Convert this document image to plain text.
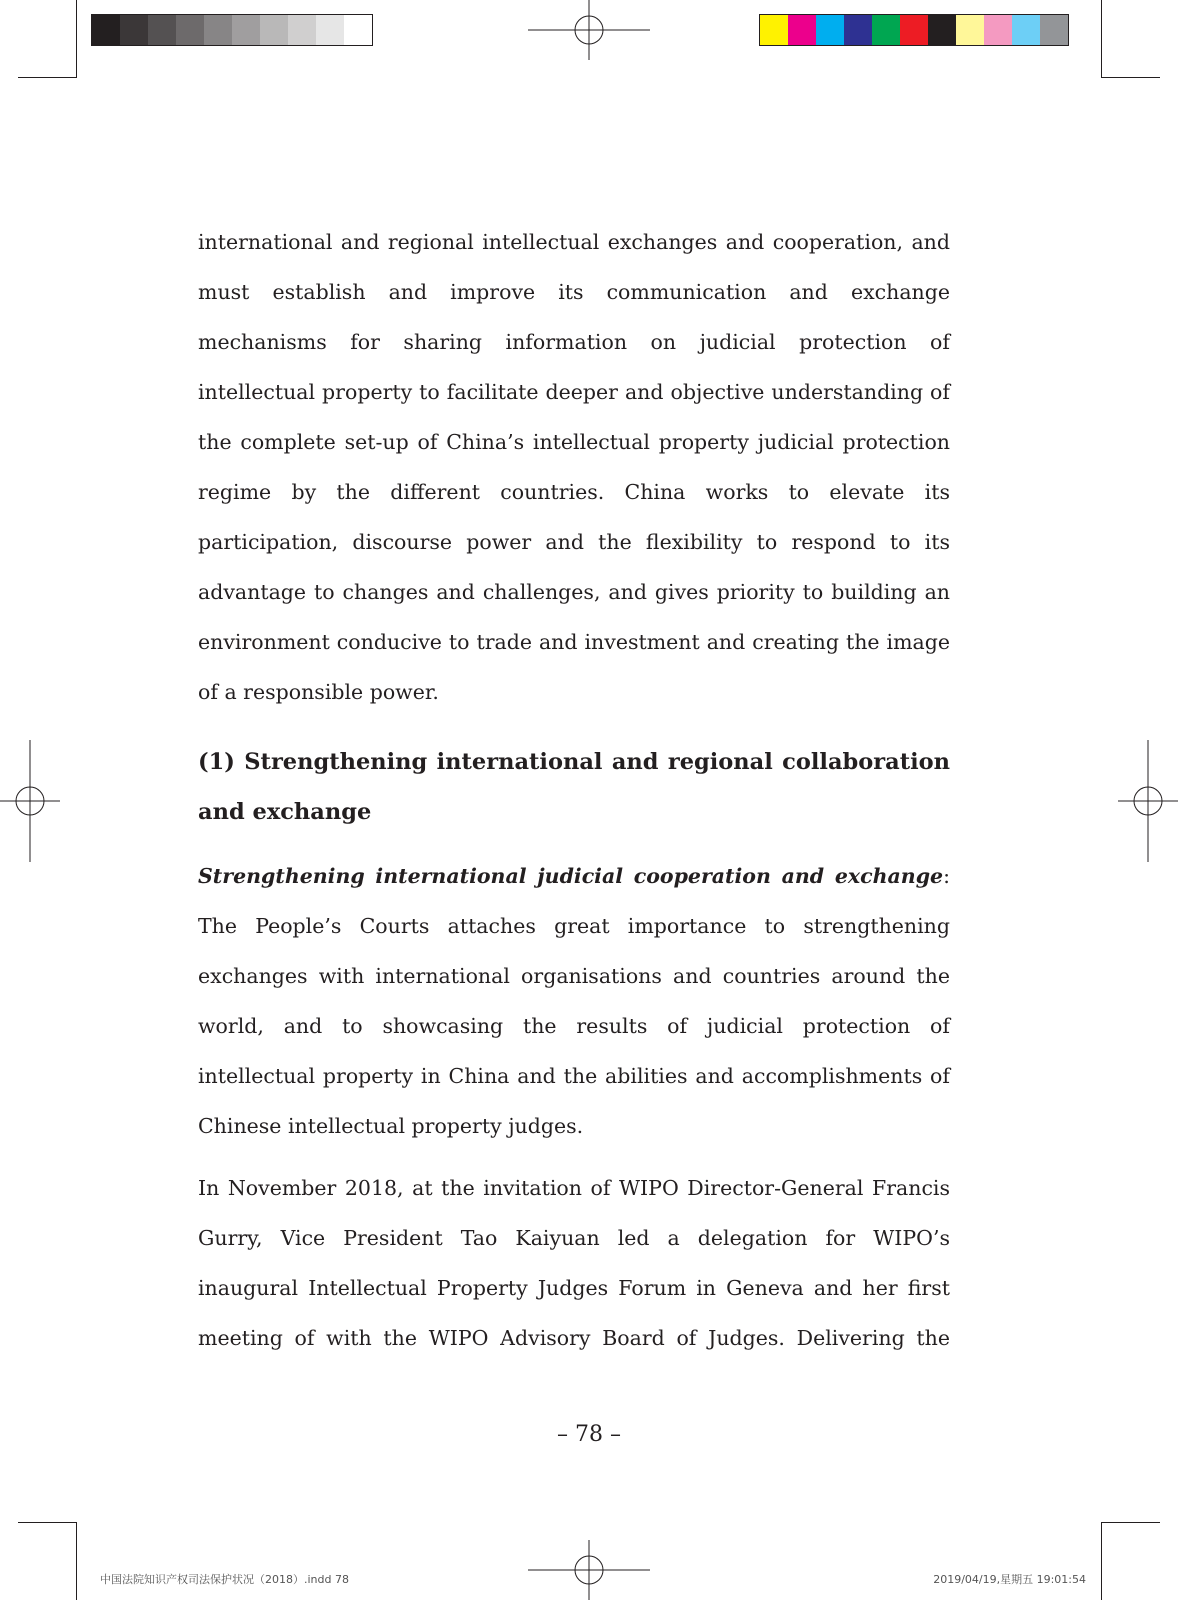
international and regional intellectual exchanges and cooperation, and must establish and improve its communication and exchange mechanisms for sharing information on judicial protection of intellectual property to facilitate deeper and objective understanding of the complete set-up of China’s intellectual property judicial protection regime by the different countries. China works to elevate its participation, discourse power and the flexibility to respond to its advantage to changes and challenges, and gives priority to building an environment conducive to trade and investment and creating the image of a responsible power.

(1) Strengthening international and regional collaboration and exchange

Strengthening international judicial cooperation and exchange: The People’s Courts attaches great importance to strengthening exchanges with international organisations and countries around the world, and to showcasing the results of judicial protection of intellectual property in China and the abilities and accomplishments of Chinese intellectual property judges.

In November 2018, at the invitation of WIPO Director-General Francis Gurry, Vice President Tao Kaiyuan led a delegation for WIPO’s inaugural Intellectual Property Judges Forum in Geneva and her first meeting of with the WIPO Advisory Board of Judges. Delivering the

– 78 –
中国法院知识产权司法保护状况（2018）.indd 78	2019/04/19,星期五 19:01:54
